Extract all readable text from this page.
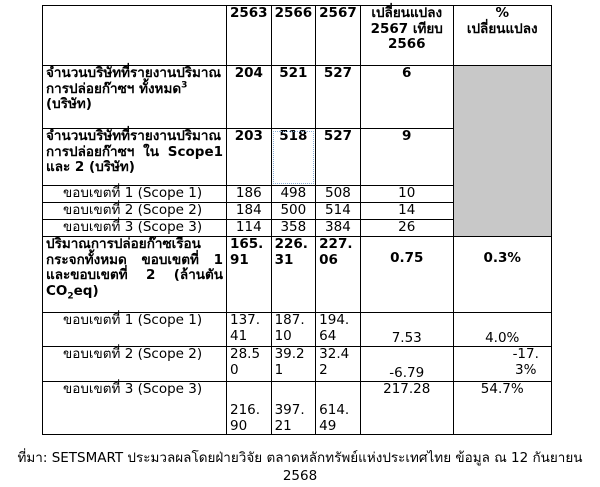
	2563	2566	2567	เปลี่ยนแปลง 2567 เทียบ 2566	%
เปลี่ยนแปลง
จำนวนบริษัทที่รายงานปริมาณการปล่อยก๊าซฯ ทั้งหมด$^3$
(บริษัท)	204	521	527	6	
จำนวนบริษัทที่รายงานปริมาณการปล่อยก๊าซฯ ใน Scope1 และ 2 (บริษัท)	203	518	527	9	
ขอบเขตที่ 1 (Scope 1)	186	498	508	10	
ขอบเขตที่ 2 (Scope 2)	184	500	514	14	
ขอบเขตที่ 3 (Scope 3)	114	358	384	26	
ปริมาณการปล่อยก๊าซเรือนกระจกทั้งหมด ขอบเขตที่ 1 และขอบเขตที่ 2 (ล้านตัน $CO_2eq$)	165.91	226.31	227.06	0.75	0.3%
ขอบเขตที่ 1 (Scope 1)	137.41	187.10	194.64	7.53	4.0%
ขอบเขตที่ 2 (Scope 2)	28.50	39.21	32.42	-6.79	-17.3%
ขอบเขตที่ 3 (Scope 3)	216.90	397.21	614.49	217.28	54.7%
ที่มา: SETSMART ประมวลผลโดยฝ่ายวิจัย ตลาดหลักทรัพย์แห่งประเทศไทย ข้อมูล ณ 12 กันยายน 2568
